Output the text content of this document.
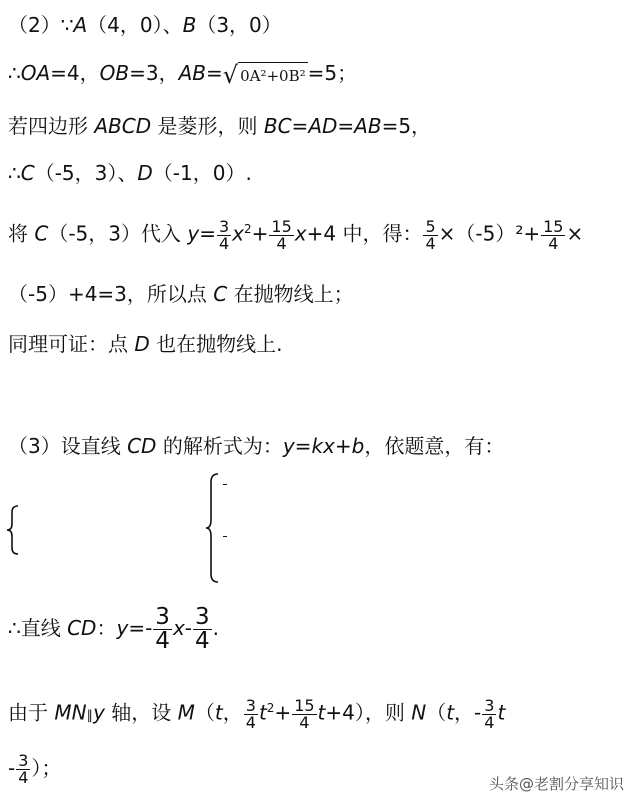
（2）∵A（4，0）、B（3，0）
∴OA=4，OB=3，AB= √ 0A²+0B² =5；
若四边形 ABCD 是菱形，则 BC=AD=AB=5，
∴C（-5，3）、D（-1，0）.
将 C（-5，3）代入 $y= \frac{3}{4} x^2+ \frac{15}{4} x+4$ 中，得： $\frac{5}{4} \times(-5)^2+ \frac{15}{4}$ ×
（-5）+4=3，所以点 C 在抛物线上；
同理可证：点 D 也在抛物线上.
（3）设直线 CD 的解析式为：y=kx+b，依题意，有：
∴直线 CD：$y=- \frac{3}{4} x- \frac{3}{4}$ .
由于 MN∥y 轴，设 M（t， $\frac{3}{4} t^2+ \frac{15}{4} t+4$），则 N（t，- $\frac{3}{4}$ t
- $\frac{3}{4}$ ）；
头条@老割分享知识
